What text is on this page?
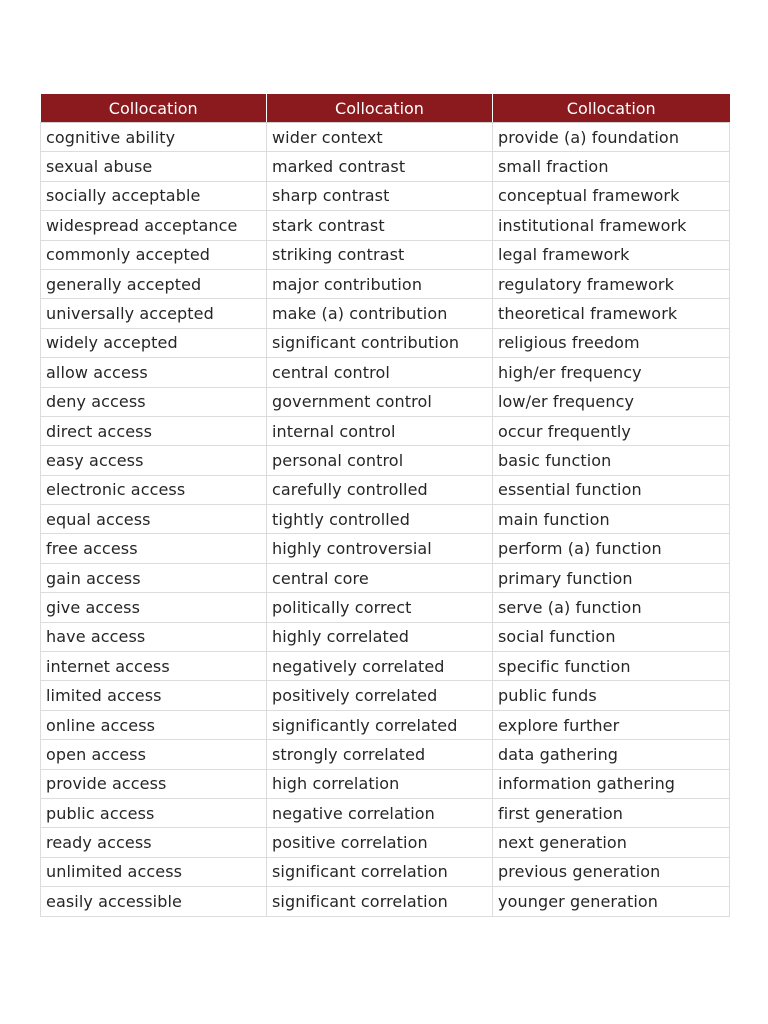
Collocation	Collocation	Collocation
cognitive ability	wider context	provide (a) foundation
sexual abuse	marked contrast	small fraction
socially acceptable	sharp contrast	conceptual framework
widespread acceptance	stark contrast	institutional framework
commonly accepted	striking contrast	legal framework
generally accepted	major contribution	regulatory framework
universally accepted	make (a) contribution	theoretical framework
widely accepted	significant contribution	religious freedom
allow access	central control	high/er frequency
deny access	government control	low/er frequency
direct access	internal control	occur frequently
easy access	personal control	basic function
electronic access	carefully controlled	essential function
equal access	tightly controlled	main function
free access	highly controversial	perform (a) function
gain access	central core	primary function
give access	politically correct	serve (a) function
have access	highly correlated	social function
internet access	negatively correlated	specific function
limited access	positively correlated	public funds
online access	significantly correlated	explore further
open access	strongly correlated	data gathering
provide access	high correlation	information gathering
public access	negative correlation	first generation
ready access	positive correlation	next generation
unlimited access	significant correlation	previous generation
easily accessible	significant correlation	younger generation
